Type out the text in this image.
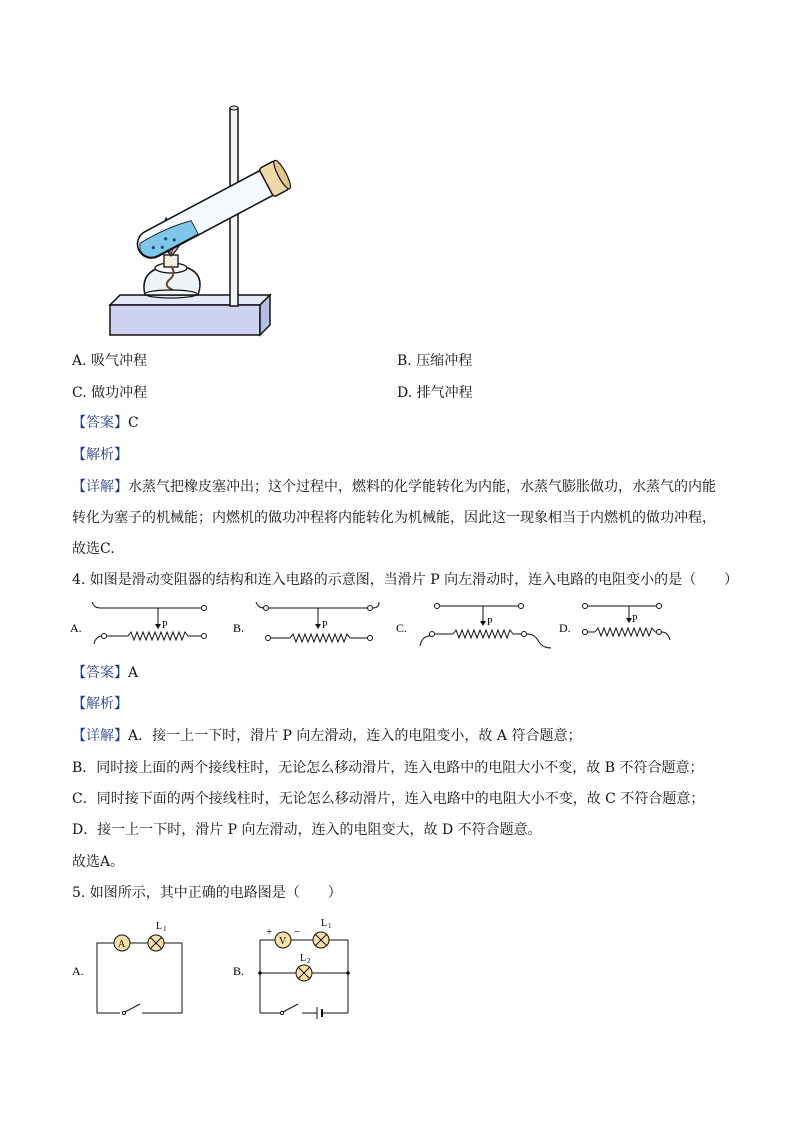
A. 吸气冲程	B. 压缩冲程
C. 做功冲程	D. 排气冲程
【答案】C
【解析】
【详解】水蒸气把橡皮塞冲出；这个过程中，燃料的化学能转化为内能，水蒸气膨胀做功，水蒸气的内能
转化为塞子的机械能；内燃机的做功冲程将内能转化为机械能，因此这一现象相当于内燃机的做功冲程，
故选C.
4. 如图是滑动变阻器的结构和连入电路的示意图，当滑片 P 向左滑动时，连入电路的电阻变小的是（　　）
A.	P	B.	P	C.	P	D.
P
【答案】A
【解析】
【详解】A．接一上一下时，滑片 P 向左滑动，连入的电阻变小，故 A 符合题意；
B．同时接上面的两个接线柱时，无论怎么移动滑片，连入电路中的电阻大小不变，故 B 不符合题意；
C．同时接下面的两个接线柱时，无论怎么移动滑片，连入电路中的电阻大小不变，故 C 不符合题意；
D．接一上一下时，滑片 P 向左滑动，连入的电阻变大，故 D 不符合题意。
故选A。
5. 如图所示，其中正确的电路图是（　　）
A.
A
L 1
B.
+
V
−
L 1
L 2
